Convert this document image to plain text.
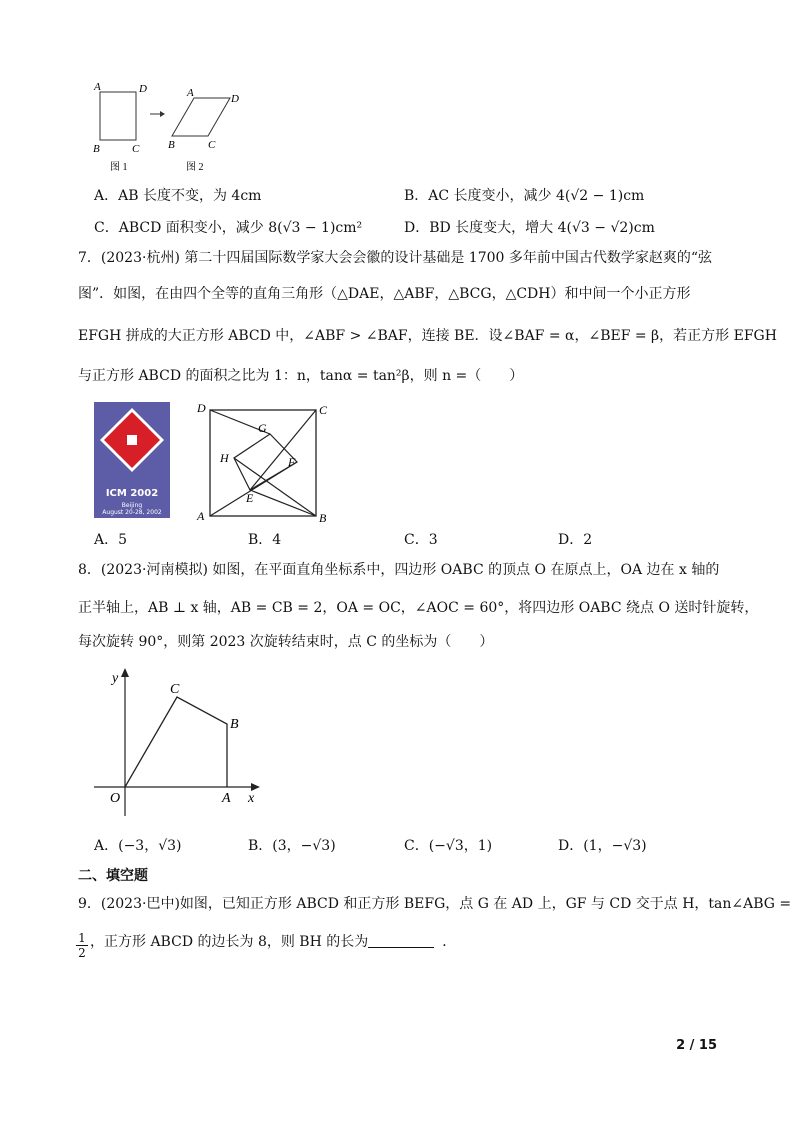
A	D
B	C
A	D
B	C
图 1	图 2
A．AB 长度不变，为 4cm	B．AC 长度变小，减少 4(√2 − 1)cm
C．ABCD 面积变小，减少 8(√3 − 1)cm²	D．BD 长度变大，增大 4(√3 − √2)cm
7．(2023·杭州) 第二十四届国际数学家大会会徽的设计基础是 1700 多年前中国古代数学家赵爽的“弦
图”．如图，在由四个全等的直角三角形（△DAE，△ABF，△BCG，△CDH）和中间一个小正方形
EFGH 拼成的大正方形 ABCD 中，∠ABF > ∠BAF，连接 BE．设∠BAF = α，∠BEF = β，若正方形 EFGH
与正方形 ABCD 的面积之比为 1：n，tanα = tan²β，则 n =（　　）
ICM 2002
Beijing
August 20-28, 2002
D	C
A	B
G
F
H
E
A．5	B．4	C．3	D．2
8．(2023·河南模拟) 如图，在平面直角坐标系中，四边形 OABC 的顶点 O 在原点上，OA 边在 x 轴的
正半轴上，AB ⊥ x 轴，AB = CB = 2，OA = OC，∠AOC = 60°，将四边形 OABC 绕点 O 送时针旋转，
每次旋转 90°，则第 2023 次旋转结束时，点 C 的坐标为（　　）
y
x
O	A
B
C
A．(−3，√3)	B．(3，−√3)	C．(−√3，1)	D．(1，−√3)
二、填空题
9．(2023·巴中)如图，已知正方形 ABCD 和正方形 BEFG，点 G 在 AD 上，GF 与 CD 交于点 H，tan∠ABG =
1
2
，正方形 ABCD 的边长为 8，则 BH 的长为	．
2 / 15
